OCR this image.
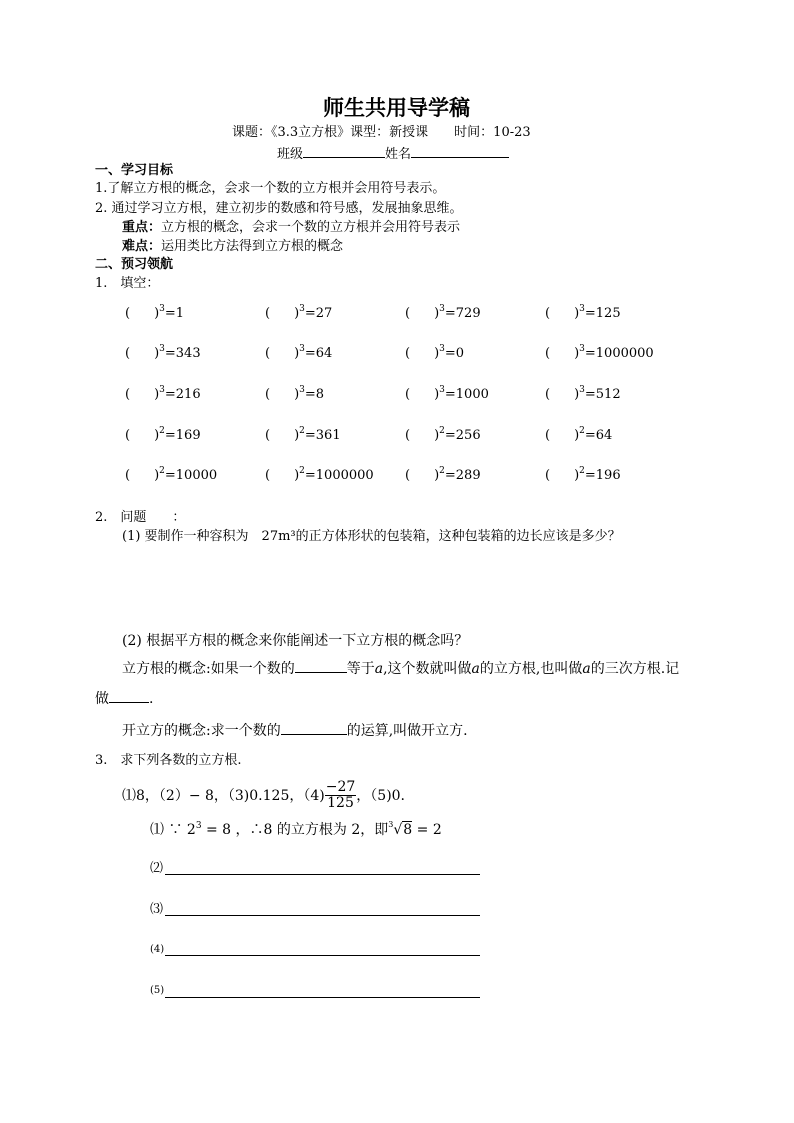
师生共用导学稿
课题：《3.3立方根》课型：新授课　　时间：10-23
班级	姓名
一、学习目标
1.了解立方根的概念，会求一个数的立方根并会用符号表示。
2. 通过学习立方根，建立初步的数感和符号感，发展抽象思维。
重点：立方根的概念，会求一个数的立方根并会用符号表示
难点：运用类比方法得到立方根的概念
二、预习领航
1.　填空：
( )$^3$=1	( )$^3$=27	( )$^3$=729	( )$^3$=125
( )$^3$=343	( )$^3$=64	( )$^3$=0	( )$^3$=1000000
( )$^3$=216	( )$^3$=8	( )$^3$=1000	( )$^3$=512
( )$^2$=169	( )$^2$=361	( )$^2$=256	( )$^2$=64
( )$^2$=10000	( )$^2$=1000000 ( )$^2$=289	( )$^2$=196
2.　问题　　：
(1) 要制作一种容积为　27m³的正方体形状的包装箱，这种包装箱的边长应该是多少？
(2) 根据平方根的概念来你能阐述一下立方根的概念吗？
立方根的概念:如果一个数的	等于a,这个数就叫做a的立方根,也叫做a的三次方根.记
做	.
开立方的概念:求一个数的	的运算,叫做开立方.
3.　求下列各数的立方根.
⑴8，（2）− 8，（3)0.125，$(4) \frac{-27}{125}$ ，（5)0.
⑴ ∵ $2^3 = 8$ ，∴8 的立方根为 2，即$^3$√8 = 2
⑵
⑶
(4)
(5)
